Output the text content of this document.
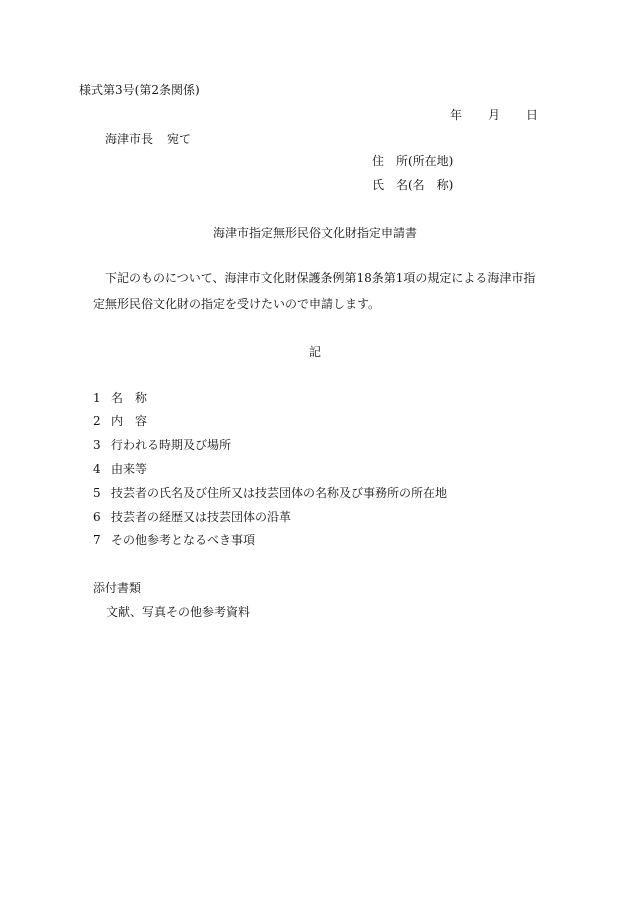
様式第3号(第2条関係)
年 月 日
海津市長 宛て
住　所(所在地)
氏　名(名　称)
海津市指定無形民俗文化財指定申請書
下記のものについて、海津市文化財保護条例第18条第1項の規定による海津市指
定無形民俗文化財の指定を受けたいので申請します。
記
1 名　称
2 内　容
3 行われる時期及び場所
4 由来等
5 技芸者の氏名及び住所又は技芸団体の名称及び事務所の所在地
6 技芸者の経歴又は技芸団体の沿革
7 その他参考となるべき事項
添付書類
文献、写真その他参考資料
